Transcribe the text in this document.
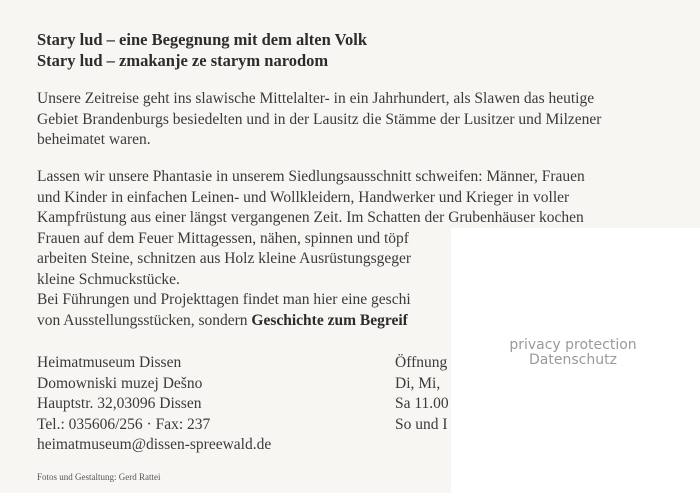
Stary lud – eine Begegnung mit dem alten Volk
Stary lud – zmakanje ze starym narodom
Unsere Zeitreise geht ins slawische Mittelalter- in ein Jahrhundert, als Slawen das heutige
Gebiet Brandenburgs besiedelten und in der Lausitz die Stämme der Lusitzer und Milzener
beheimatet waren.
Lassen wir unsere Phantasie in unserem Siedlungsausschnitt schweifen: Männer, Frauen
und Kinder in einfachen Leinen- und Wollkleidern, Handwerker und Krieger in voller
Kampfrüstung aus einer längst vergangenen Zeit. Im Schatten der Grubenhäuser kochen
Frauen auf dem Feuer Mittagessen, nähen, spinnen und töpf
arbeiten Steine, schnitzen aus Holz kleine Ausrüstungsgeger
kleine Schmuckstücke.
Bei Führungen und Projekttagen findet man hier eine geschi
von Ausstellungsstücken, sondern Geschichte zum Begreif
Heimatmuseum Dissen
Domowniski muzej Dešno
Hauptstr. 32,03096 Dissen
Tel.: 035606/256 · Fax: 237
heimatmuseum@dissen-spreewald.de
Öffnung
Di, Mi,
Sa 11.00
So und I
Fotos und Gestaltung: Gerd Rattei
privacy protection
Datenschutz
